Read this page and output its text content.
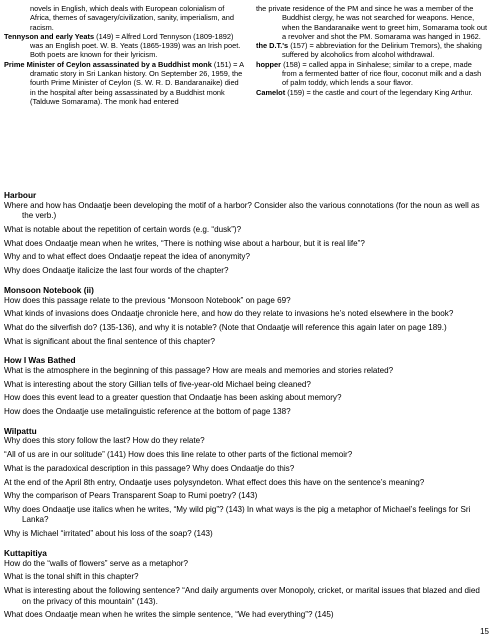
novels in English, which deals with European colonialism of Africa, themes of savagery/civilization, sanity, imperialism, and racism.

Tennyson and early Yeats (149) = Alfred Lord Tennyson (1809-1892) was an English poet. W. B. Yeats (1865-1939) was an Irish poet. Both poets are known for their lyricism.

Prime Minister of Ceylon assassinated by a Buddhist monk (151) = A dramatic story in Sri Lankan history. On September 26, 1959, the fourth Prime Minister of Ceylon (S. W. R. D. Bandaranaike) died in the hospital after being assassinated by a Buddhist monk (Talduwe Somarama). The monk had entered

the private residence of the PM and since he was a member of the Buddhist clergy, he was not searched for weapons. Hence, when the Bandaranaike went to greet him, Somarama took out a revolver and shot the PM. Somarama was hanged in 1962.

the D.T.'s (157) = abbreviation for the Delirium Tremors), the shaking suffered by alcoholics from alcohol withdrawal.

hopper (158) = called appa in Sinhalese; similar to a crepe, made from a fermented batter of rice flour, coconut milk and a dash of palm toddy, which lends a sour flavor.

Camelot (159) = the castle and court of the legendary King Arthur.

Harbour

Where and how has Ondaatje been developing the motif of a harbor? Consider also the various connotations (for the noun as well as the verb.)

What is notable about the repetition of certain words (e.g. “dusk”)?

What does Ondaatje mean when he writes, “There is nothing wise about a harbour, but it is real life”?

Why and to what effect does Ondaatje repeat the idea of anonymity?

Why does Ondaatje italicize the last four words of the chapter?

Monsoon Notebook (ii)

How does this passage relate to the previous “Monsoon Notebook” on page 69?

What kinds of invasions does Ondaatje chronicle here, and how do they relate to invasions he’s noted elsewhere in the book?

What do the silverfish do? (135-136), and why it is notable? (Note that Ondaatje will reference this again later on page 189.)

What is significant about the final sentence of this chapter?

How I Was Bathed

What is the atmosphere in the beginning of this passage? How are meals and memories and stories related?

What is interesting about the story Gillian tells of five-year-old Michael being cleaned?

How does this event lead to a greater question that Ondaatje has been asking about memory?

How does the Ondaatje use metalinguistic reference at the bottom of page 138?

Wilpattu

Why does this story follow the last? How do they relate?

“All of us are in our solitude” (141) How does this line relate to other parts of the fictional memoir?

What is the paradoxical description in this passage? Why does Ondaatje do this?

At the end of the April 8th entry, Ondaatje uses polysyndeton. What effect does this have on the sentence’s meaning?

Why the comparison of Pears Transparent Soap to Rumi poetry? (143)

Why does Ondaatje use italics when he writes, “My wild pig”? (143) In what ways is the pig a metaphor of Michael’s feelings for Sri Lanka?

Why is Michael “irritated” about his loss of the soap? (143)

Kuttapitiya

How do the “walls of flowers” serve as a metaphor?

What is the tonal shift in this chapter?

What is interesting about the following sentence? “And daily arguments over Monopoly, cricket, or marital issues that blazed and died on the privacy of this mountain” (143).

What does Ondaatje mean when he writes the simple sentence, “We had everything”? (145)

15
